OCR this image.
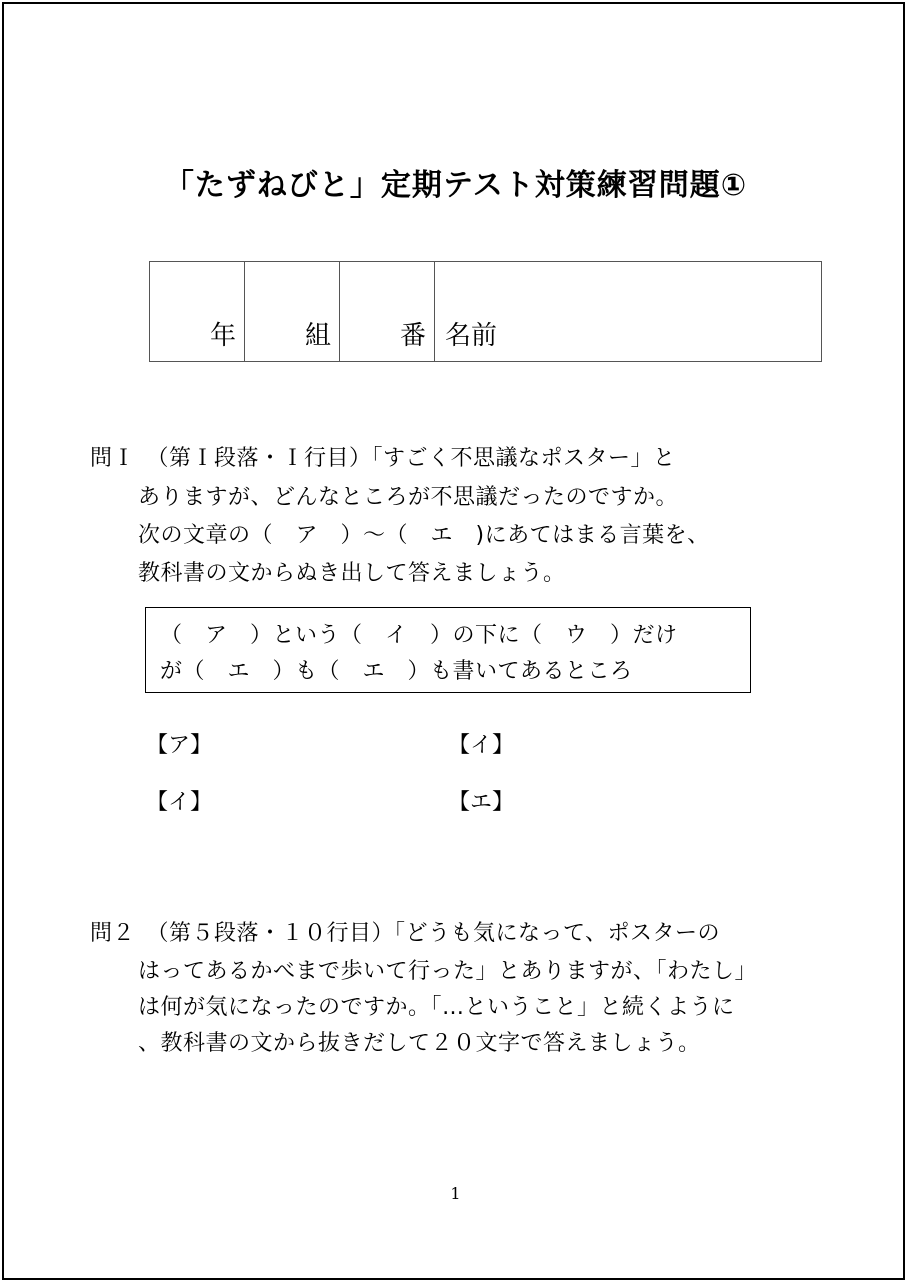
「たずねびと」定期テスト対策練習問題①
年	組	番 名前
問Ｉ　（第Ｉ段落・Ｉ行目）「すごく不思議なポスター」と
ありますが、どんなところが不思議だったのですか。
次の文章の（　ア　）～（　エ　)にあてはまる言葉を、
教科書の文からぬき出して答えましょう。
（　ア　）という（　イ　）の下に（　ウ　）だけ
が（　エ　）も（　エ　）も書いてあるところ
【ア】	【イ】
【イ】	【エ】
問２　（第５段落・１０行目）「どうも気になって、ポスターの
はってあるかべまで歩いて行った」とありますが、「わたし」
は何が気になったのですか。「…ということ」と続くように
、教科書の文から抜きだして２０文字で答えましょう。
1
